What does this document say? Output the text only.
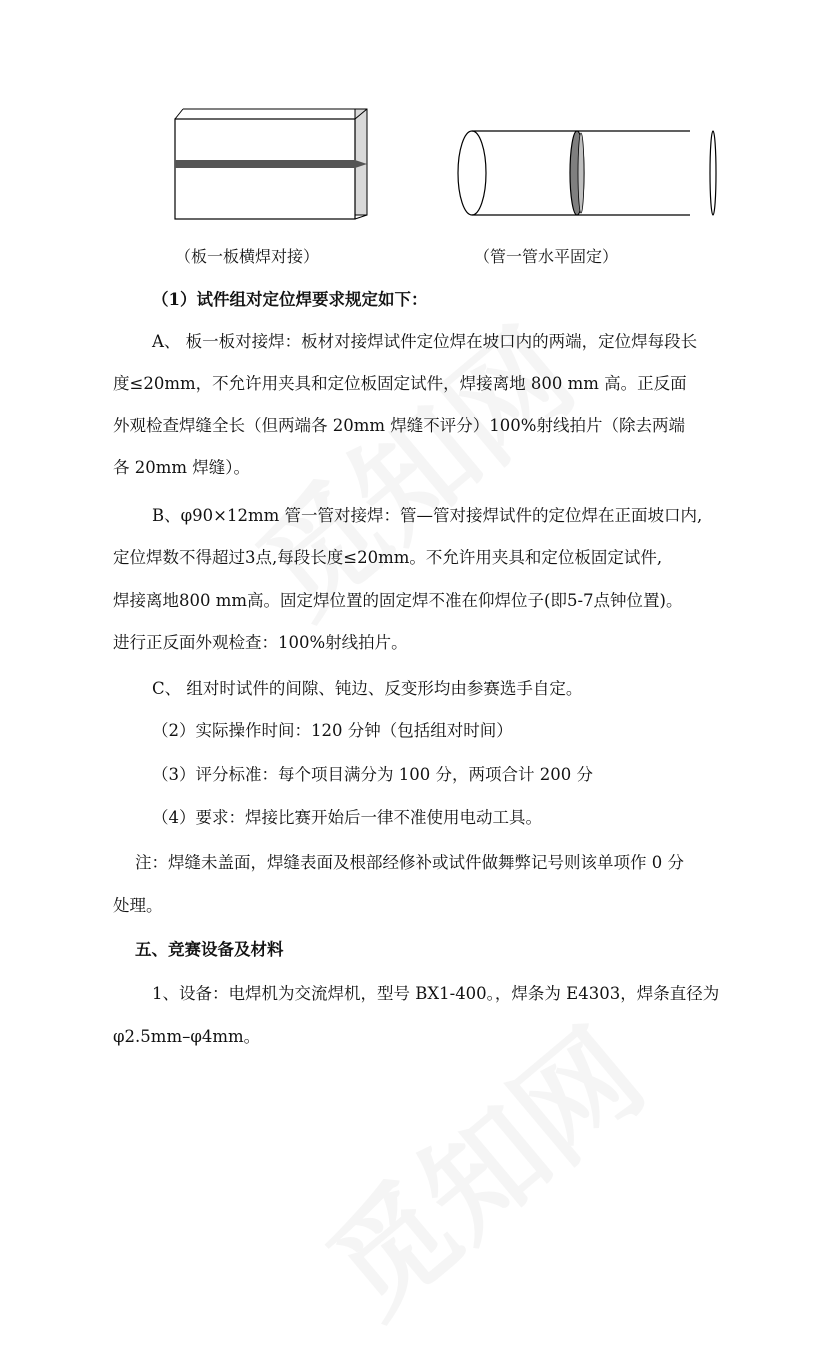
（板一板横焊对接）	（管一管水平固定）
（1）试件组对定位焊要求规定如下：
A、 板一板对接焊：板材对接焊试件定位焊在坡口内的两端，定位焊每段长
度≤20mm，不允许用夹具和定位板固定试件，焊接离地 800 mm 高。正反面
外观检查焊缝全长（但两端各 20mm 焊缝不评分）100%射线拍片（除去两端
各 20mm 焊缝）。
B、φ90×12mm 管一管对接焊：管—管对接焊试件的定位焊在正面坡口内,
定位焊数不得超过3点,每段长度≤20mm。不允许用夹具和定位板固定试件,
焊接离地800 mm高。固定焊位置的固定焊不准在仰焊位子(即5-7点钟位置)。
进行正反面外观检查：100%射线拍片。
C、 组对时试件的间隙、钝边、反变形均由参赛选手自定。
（2）实际操作时间：120 分钟（包括组对时间）
（3）评分标准：每个项目满分为 100 分，两项合计 200 分
（4）要求：焊接比赛开始后一律不准使用电动工具。
注：焊缝未盖面，焊缝表面及根部经修补或试件做舞弊记号则该单项作 0 分
处理。
五、竞赛设备及材料
1、设备：电焊机为交流焊机，型号 BX1-400。，焊条为 E4303，焊条直径为
φ2.5mm–φ4mm。
